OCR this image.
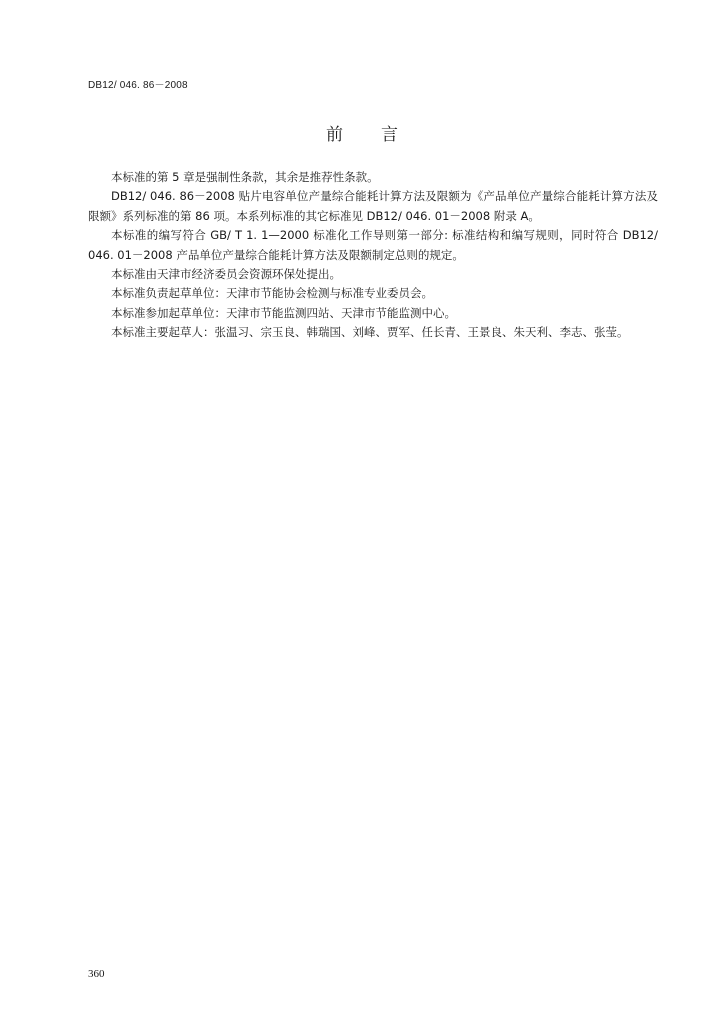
DB12/ 046. 86－2008
前 言

本标准的第 5 章是强制性条款，其余是推荐性条款。

DB12/ 046. 86－2008 贴片电容单位产量综合能耗计算方法及限额为《产品单位产量综合能耗计算方法及限额》系列标准的第 86 项。本系列标准的其它标准见 DB12/ 046. 01－2008 附录 A。

本标准的编写符合 GB/ T 1. 1—2000 标准化工作导则第一部分: 标准结构和编写规则，同时符合 DB12/ 046. 01－2008 产品单位产量综合能耗计算方法及限额制定总则的规定。

本标准由天津市经济委员会资源环保处提出。

本标准负责起草单位：天津市节能协会检测与标准专业委员会。

本标准参加起草单位：天津市节能监测四站、天津市节能监测中心。

本标准主要起草人：张温习、宗玉良、韩瑞国、刘峰、贾军、任长青、王景良、朱天利、李志、张莹。

360
